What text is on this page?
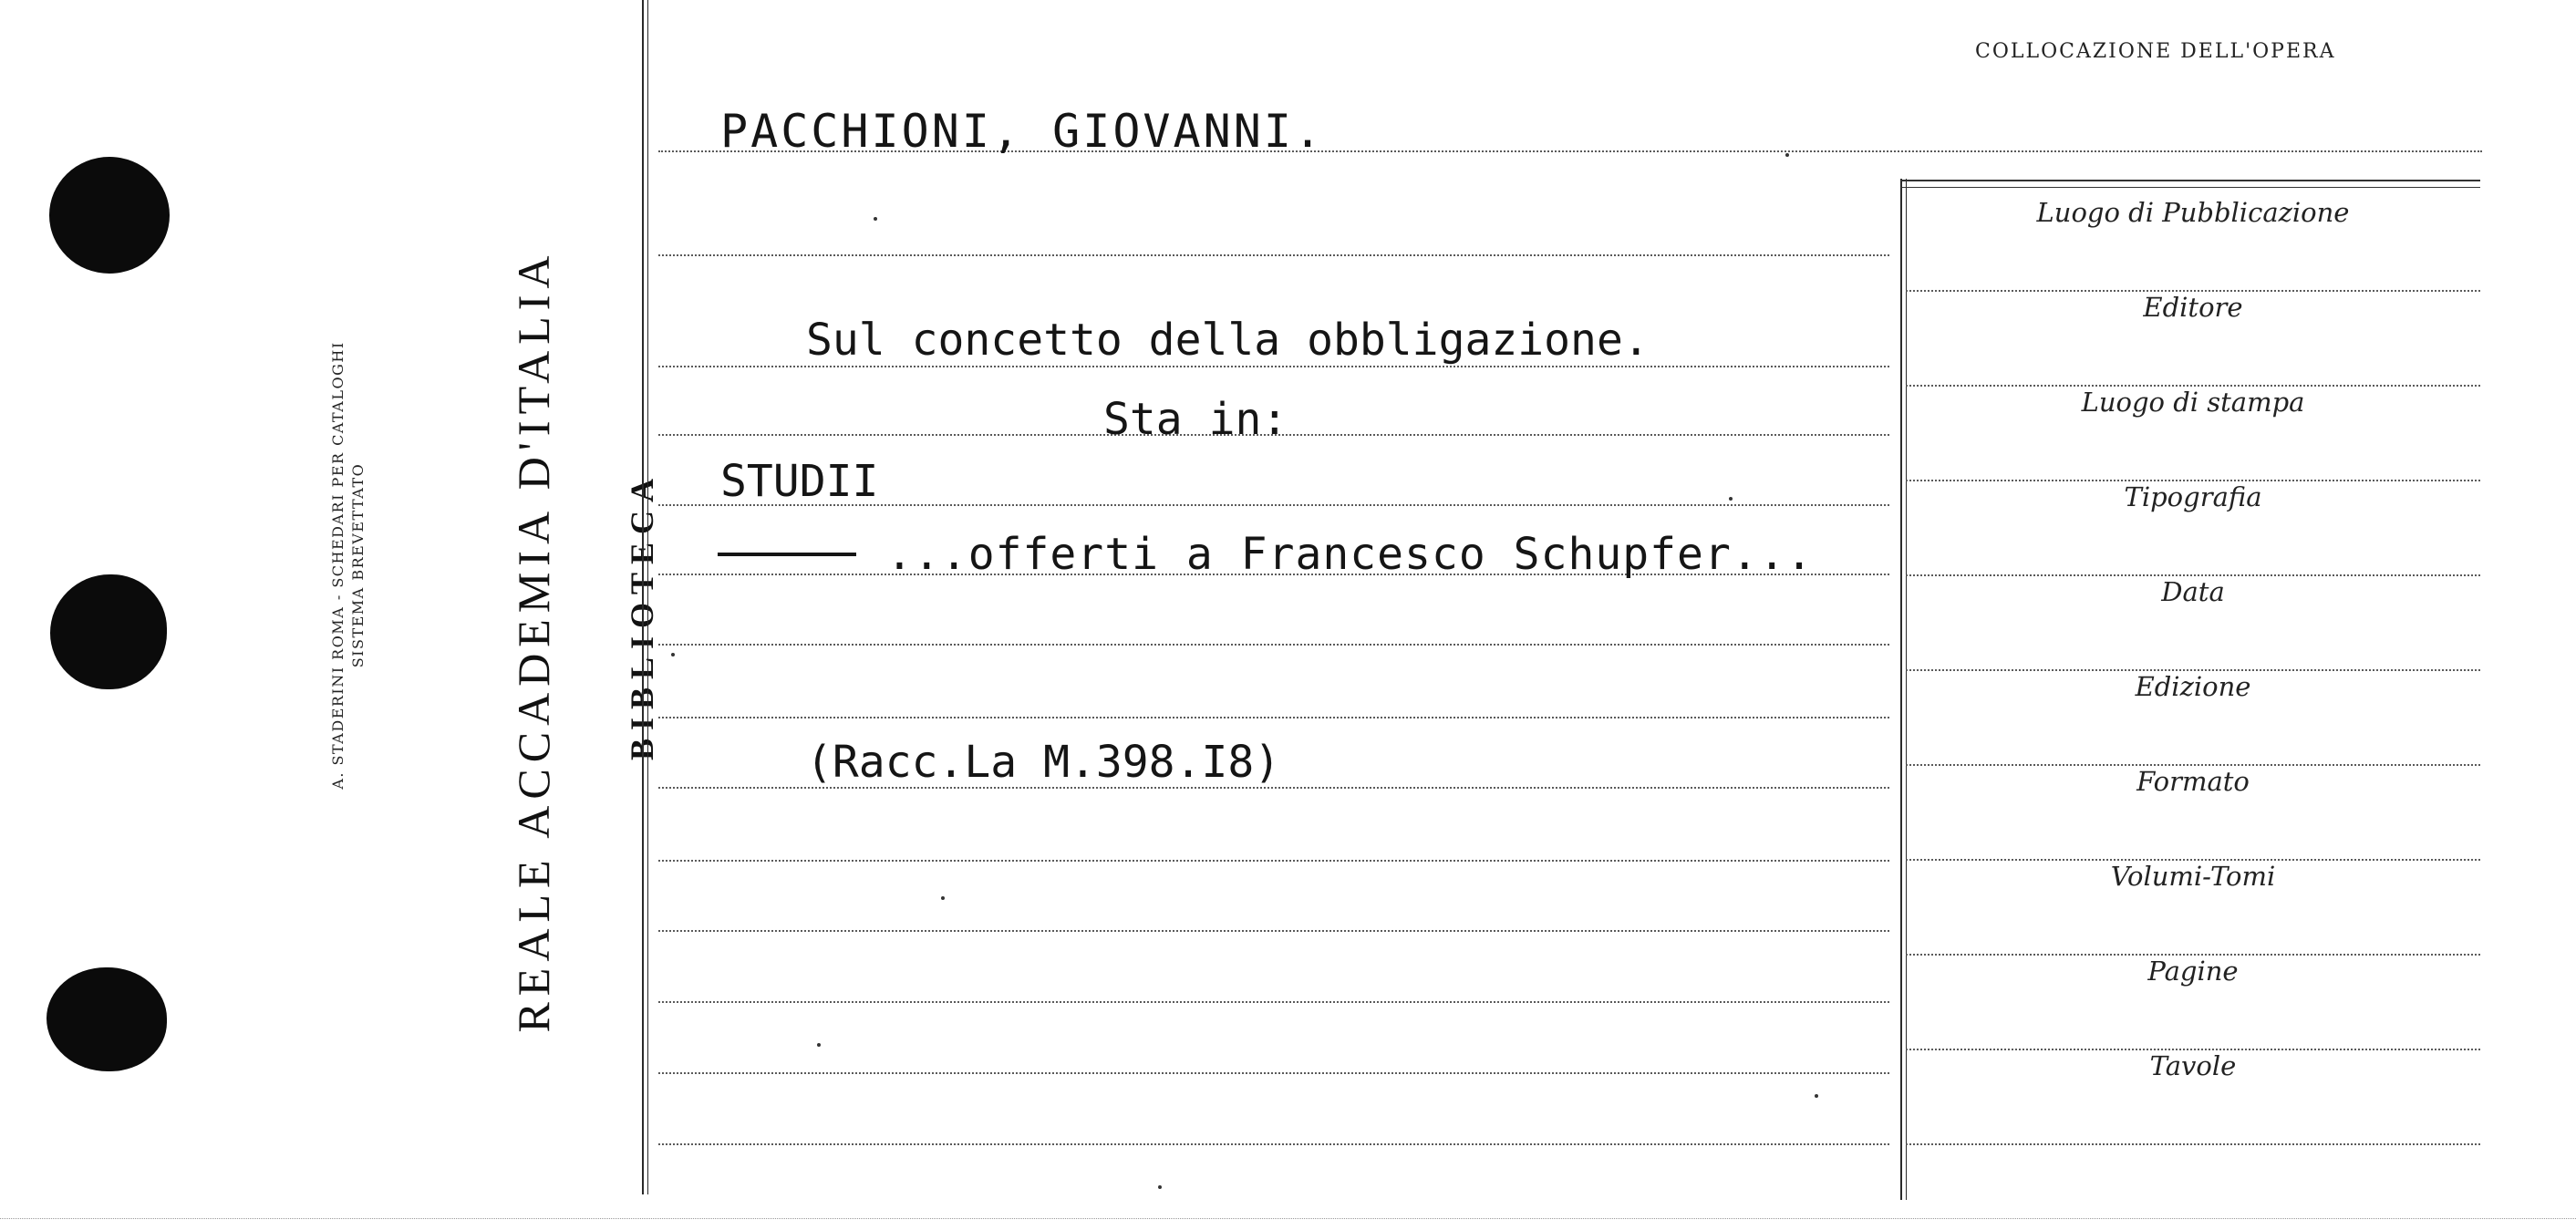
A. STADERINI ROMA - SCHEDARI PER CATALOGHI SISTEMA BREVETTATO	REALE ACCADEMIA D'ITALIA BIBLIOTECA
COLLOCAZIONE DELL'OPERA
Luogo di Pubblicazione
Editore
Luogo di stampa
Tipografia
Data
Edizione
Formato
Volumi-Tomi
Pagine
Tavole
PACCHIONI, GIOVANNI.
Sul concetto della obbligazione.
Sta in:
STUDII
...offerti a Francesco Schupfer...
(Racc.La M.398.I8)
